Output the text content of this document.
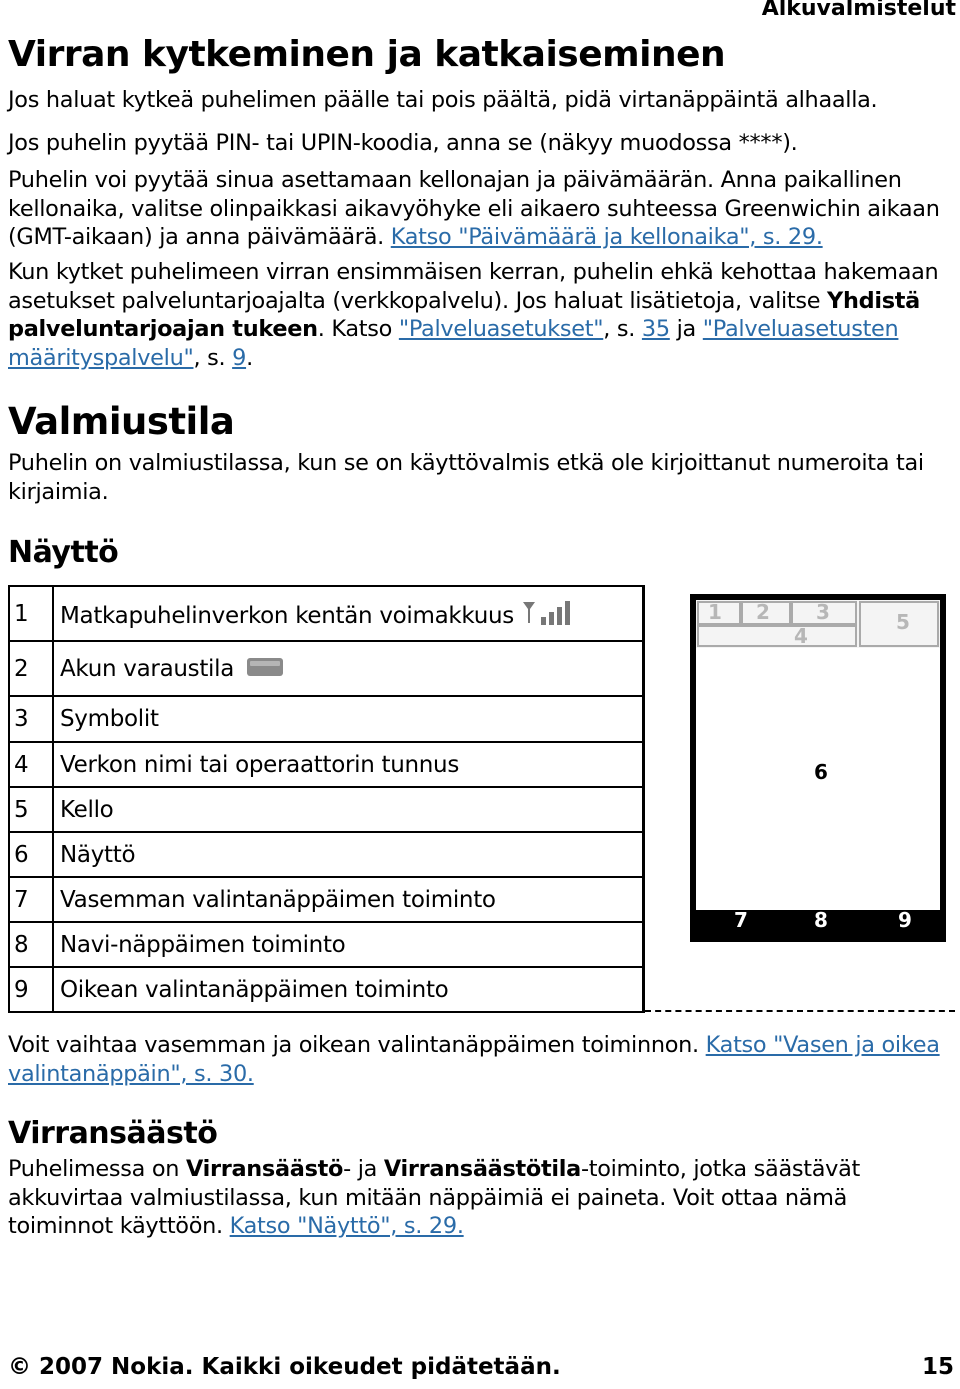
Alkuvalmistelut
Virran kytkeminen ja katkaiseminen

Jos haluat kytkeä puhelimen päälle tai pois päältä, pidä virtanäppäintä alhaalla.

Jos puhelin pyytää PIN- tai UPIN-koodia, anna se (näkyy muodossa ****).

Puhelin voi pyytää sinua asettamaan kellonajan ja päivämäärän. Anna paikallinen kellonaika, valitse olinpaikkasi aikavyöhyke eli aikaero suhteessa Greenwichin aikaan (GMT-aikaan) ja anna päivämäärä. Katso "Päivämäärä ja kellonaika", s. 29.

Kun kytket puhelimeen virran ensimmäisen kerran, puhelin ehkä kehottaa hakemaan asetukset palveluntarjoajalta (verkkopalvelu). Jos haluat lisätietoja, valitse Yhdistä palveluntarjoajan tukeen. Katso "Palveluasetukset", s. 35 ja "Palveluasetusten määrityspalvelu", s. 9.

Valmiustila

Puhelin on valmiustilassa, kun se on käyttövalmis etkä ole kirjoittanut numeroita tai kirjaimia.

Näyttö
1	Matkapuhelinverkon kentän voimakkuus
2	Akun varaustila
3	Symbolit
4	Verkon nimi tai operaattorin tunnus
5	Kello
6	Näyttö
7	Vasemman valintanäppäimen toiminto
8	Navi-näppäimen toiminto
9	Oikean valintanäppäimen toiminto
1 2 3
4
5
6
7	8	9

Voit vaihtaa vasemman ja oikean valintanäppäimen toiminnon. Katso "Vasen ja oikea valintanäppäin", s. 30.

Virransäästö

Puhelimessa on Virransäästö- ja Virransäästötila-toiminto, jotka säästävät akkuvirtaa valmiustilassa, kun mitään näppäimiä ei paineta. Voit ottaa nämä toiminnot käyttöön. Katso "Näyttö", s. 29.

© 2007 Nokia. Kaikki oikeudet pidätetään.	15
